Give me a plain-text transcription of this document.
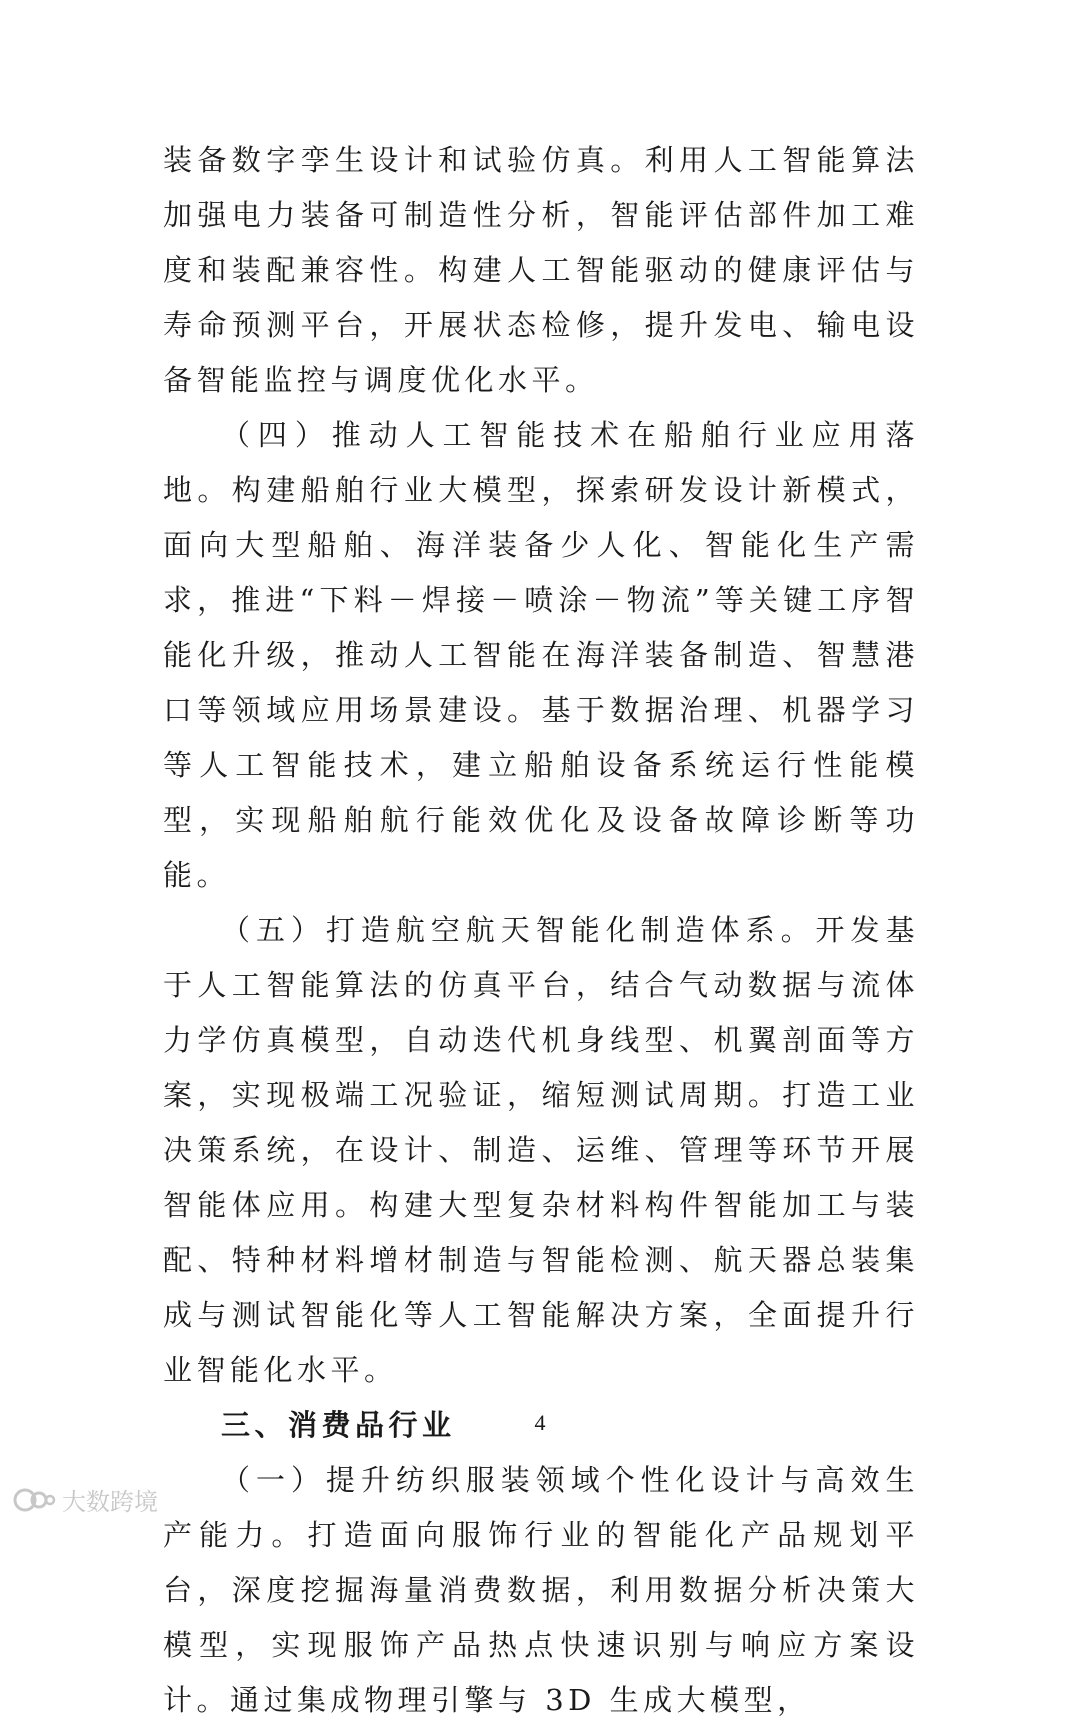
装备数字孪生设计和试验仿真。利用人工智能算法加强电力装备可制造性分析，智能评估部件加工难度和装配兼容性。构建人工智能驱动的健康评估与寿命预测平台，开展状态检修，提升发电、输电设备智能监控与调度优化水平。

（四）推动人工智能技术在船舶行业应用落地。构建船舶行业大模型，探索研发设计新模式，面向大型船舶、海洋装备少人化、智能化生产需求，推进“下料－焊接－喷涂－物流”等关键工序智能化升级，推动人工智能在海洋装备制造、智慧港口等领域应用场景建设。基于数据治理、机器学习等人工智能技术，建立船舶设备系统运行性能模型，实现船舶航行能效优化及设备故障诊断等功能。

（五）打造航空航天智能化制造体系。开发基于人工智能算法的仿真平台，结合气动数据与流体力学仿真模型，自动迭代机身线型、机翼剖面等方案，实现极端工况验证，缩短测试周期。打造工业决策系统，在设计、制造、运维、管理等环节开展智能体应用。构建大型复杂材料构件智能加工与装配、特种材料增材制造与智能检测、航天器总装集成与测试智能化等人工智能解决方案，全面提升行业智能化水平。

三、消费品行业

（一）提升纺织服装领域个性化设计与高效生产能力。打造面向服饰行业的智能化产品规划平台，深度挖掘海量消费数据，利用数据分析决策大模型，实现服饰产品热点快速识别与响应方案设计。通过集成物理引擎与 3D 生成大模型，

4
大数跨境
